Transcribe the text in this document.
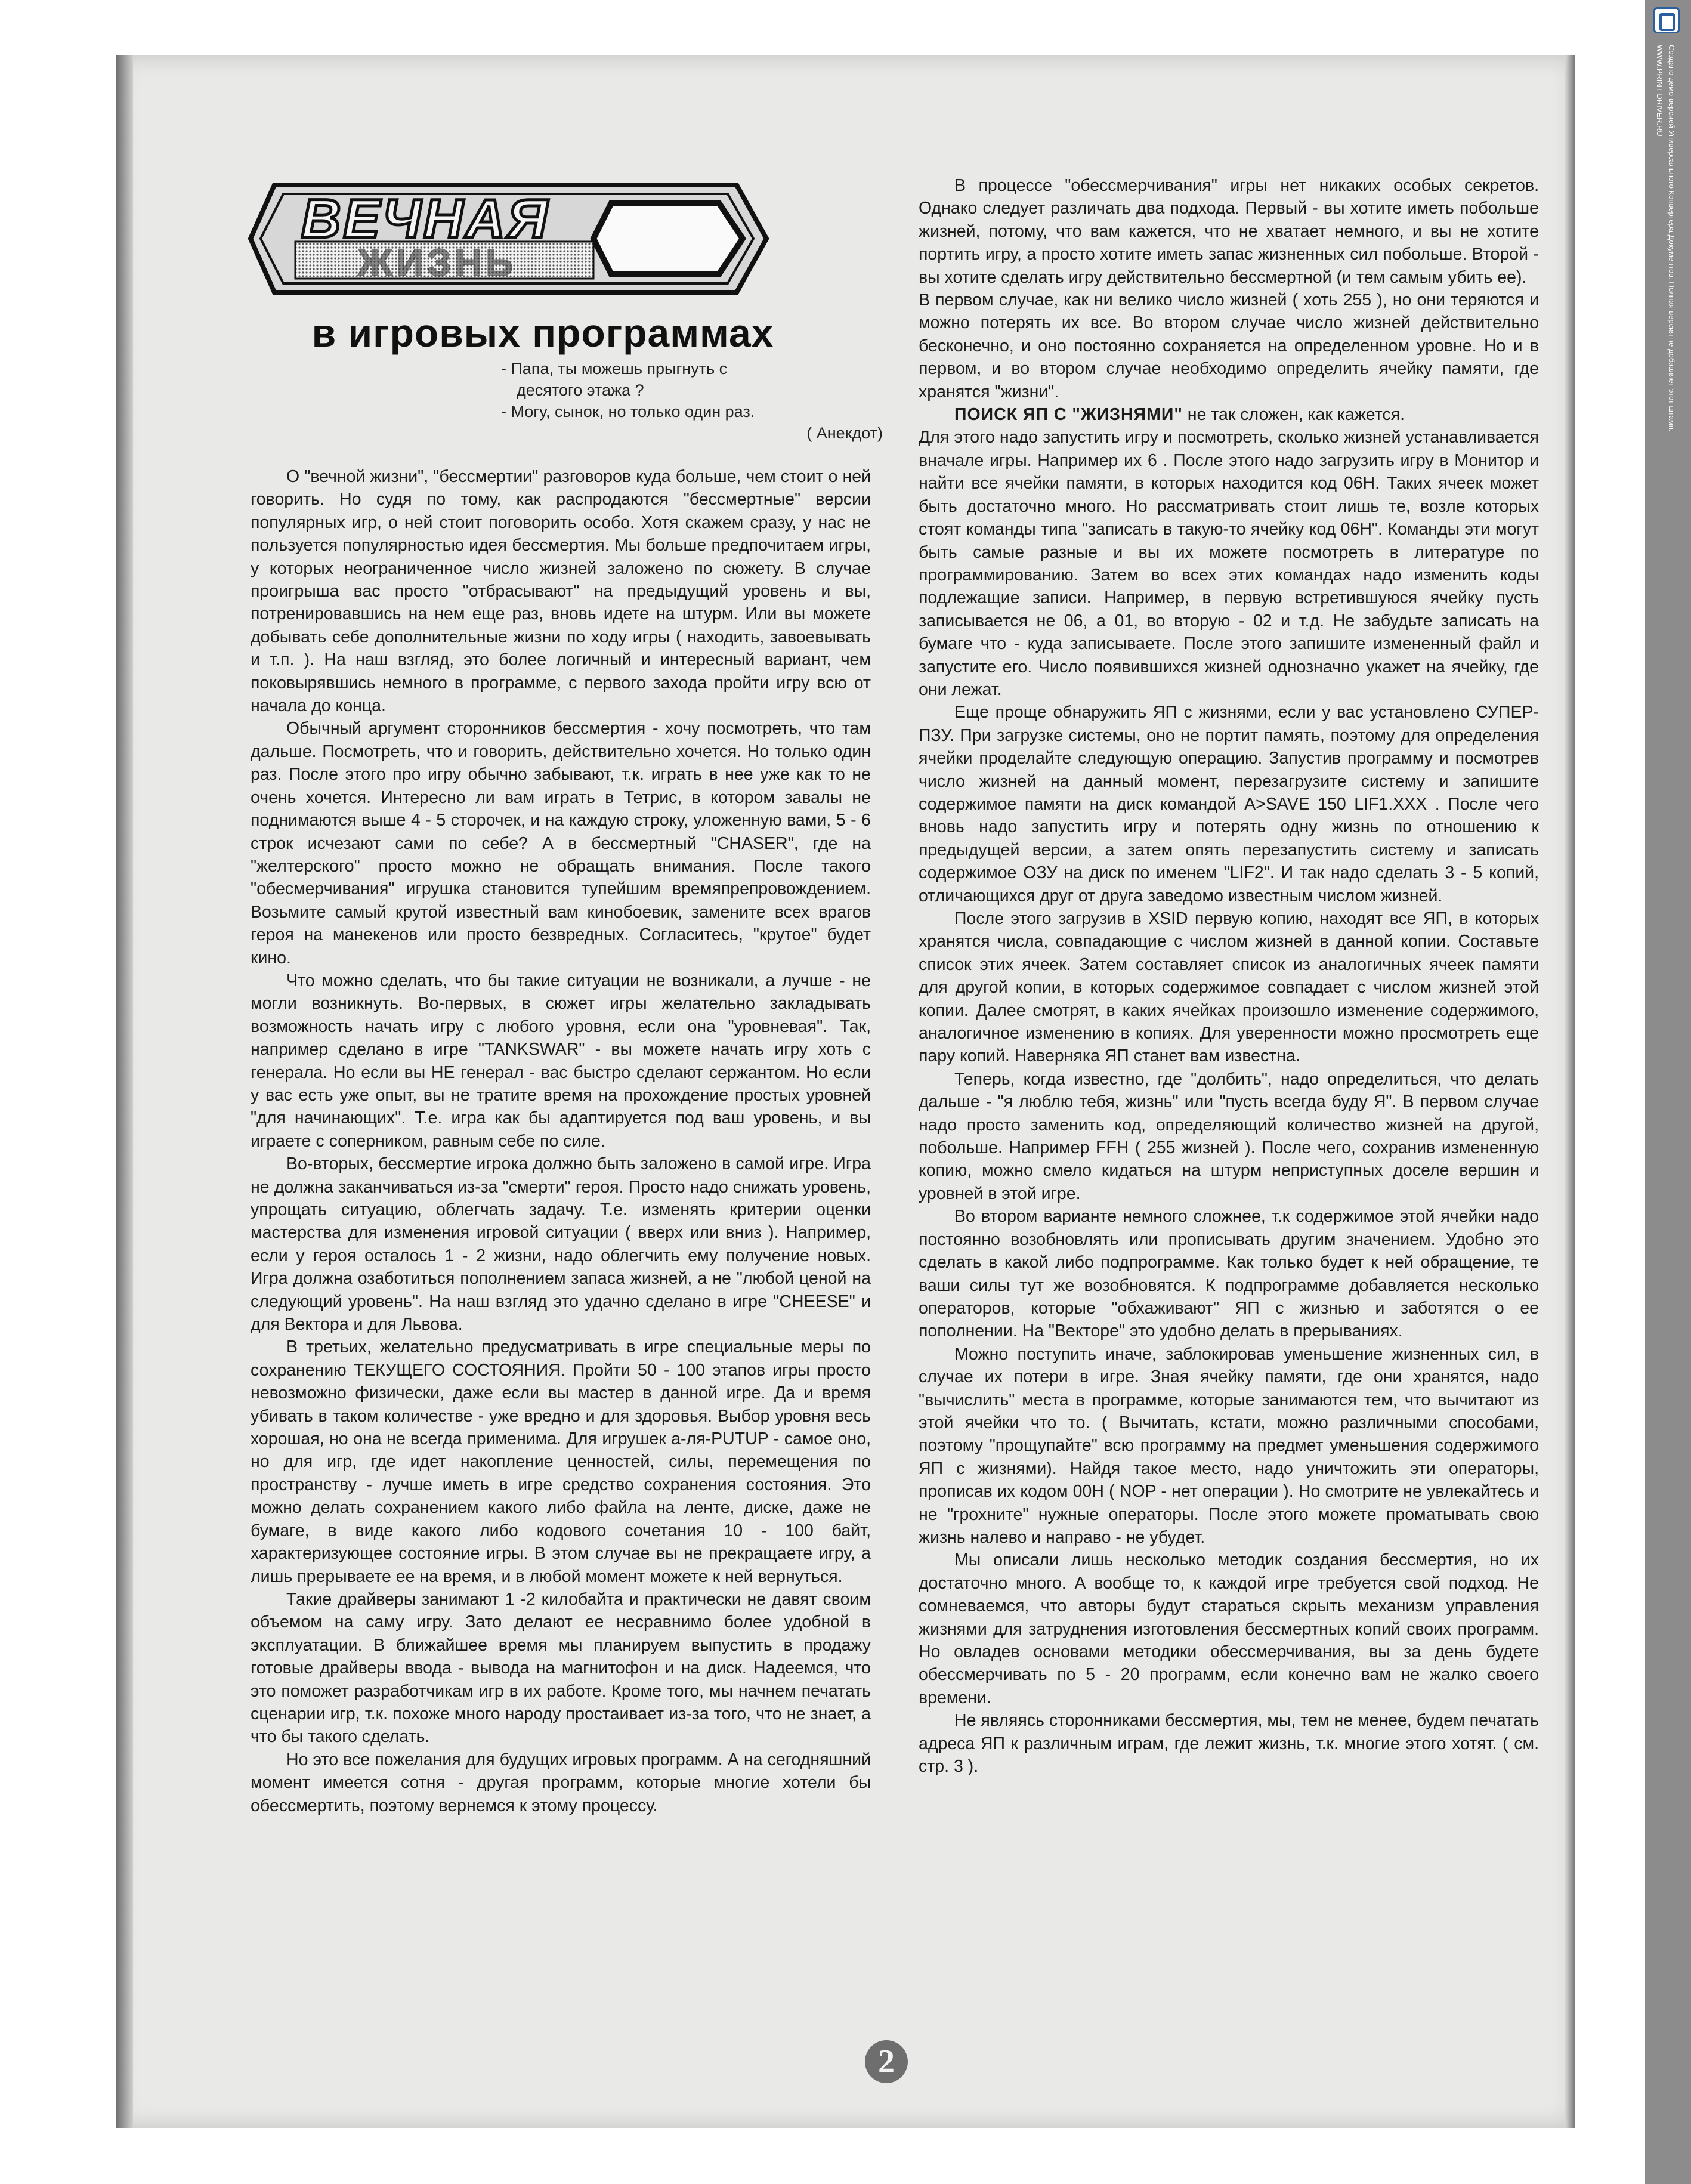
Создано демо-версией Универсального Конвертера Документов. Полная версия не добавляет этот штамп.
WWW.PRINT-DRIVER.RU
ВЕЧНАЯ
ЖИЗНЬ
в игровых программах

- Папа, ты можешь прыгнуть с

десятого этажа ?

- Могу, сынок, но только один раз.

( Анекдот)

О "вечной жизни", "бессмертии" разговоров куда больше, чем стоит о ней говорить. Но судя по тому, как распродаются "бессмертные" версии популярных игр, о ней стоит поговорить особо. Хотя скажем сразу, у нас не пользуется популярностью идея бессмертия. Мы больше предпочитаем игры, у которых неограниченное число жизней заложено по сюжету. В случае проигрыша вас просто "отбрасывают" на предыдущий уровень и вы, потренировавшись на нем еще раз, вновь идете на штурм. Или вы можете добывать себе дополнительные жизни по ходу игры ( находить, завоевывать и т.п. ). На наш взгляд, это более логичный и интересный вариант, чем поковырявшись немного в программе, с первого захода пройти игру всю от начала до конца.

Обычный аргумент сторонников бессмертия - хочу посмотреть, что там дальше. Посмотреть, что и говорить, действительно хочется. Но только один раз. После этого про игру обычно забывают, т.к. играть в нее уже как то не очень хочется. Интересно ли вам играть в Тетрис, в котором завалы не поднимаются выше 4 - 5 сторочек, и на каждую строку, уложенную вами, 5 - 6 строк исчезают сами по себе? А в бессмертный "CHASER", где на "желтерского" просто можно не обращать внимания. После такого "обесмерчивания" игрушка становится тупейшим времяпрепровождением. Возьмите самый крутой известный вам кинобоевик, замените всех врагов героя на манекенов или просто безвредных. Согласитесь, "крутое" будет кино.

Что можно сделать, что бы такие ситуации не возникали, а лучше - не могли возникнуть. Во-первых, в сюжет игры желательно закладывать возможность начать игру с любого уровня, если она "уровневая". Так, например сделано в игре "TANKSWAR" - вы можете начать игру хоть с генерала. Но если вы НЕ генерал - вас быстро сделают сержантом. Но если у вас есть уже опыт, вы не тратите время на прохождение простых уровней "для начинающих". Т.е. игра как бы адаптируется под ваш уровень, и вы играете с соперником, равным себе по силе.

Во-вторых, бессмертие игрока должно быть заложено в самой игре. Игра не должна заканчиваться из-за "смерти" героя. Просто надо снижать уровень, упрощать ситуацию, облегчать задачу. Т.е. изменять критерии оценки мастерства для изменения игровой ситуации ( вверх или вниз ). Например, если у героя осталось 1 - 2 жизни, надо облегчить ему получение новых. Игра должна озаботиться пополнением запаса жизней, а не "любой ценой на следующий уровень". На наш взгляд это удачно сделано в игре "CHEESE" и для Вектора и для Львова.

В третьих, желательно предусматривать в игре специальные меры по сохранению ТЕКУЩЕГО СОСТОЯНИЯ. Пройти 50 - 100 этапов игры просто невозможно физически, даже если вы мастер в данной игре. Да и время убивать в таком количестве - уже вредно и для здоровья. Выбор уровня весь хорошая, но она не всегда применима. Для игрушек а-ля-PUTUP - самое оно, но для игр, где идет накопление ценностей, силы, перемещения по пространству - лучше иметь в игре средство сохранения состояния. Это можно делать сохранением какого либо файла на ленте, диске, даже не бумаге, в виде какого либо кодового сочетания 10 - 100 байт, характеризующее состояние игры. В этом случае вы не прекращаете игру, а лишь прерываете ее на время, и в любой момент можете к ней вернуться.

Такие драйверы занимают 1 -2 килобайта и практически не давят своим объемом на саму игру. Зато делают ее несравнимо более удобной в эксплуатации. В ближайшее время мы планируем выпустить в продажу готовые драйверы ввода - вывода на магнитофон и на диск. Надеемся, что это поможет разработчикам игр в их работе. Кроме того, мы начнем печатать сценарии игр, т.к. похоже много народу простаивает из-за того, что не знает, а что бы такого сделать.

Но это все пожелания для будущих игровых программ. А на сегодняшний момент имеется сотня - другая программ, которые многие хотели бы обессмертить, поэтому вернемся к этому процессу.

В процессе "обессмерчивания" игры нет никаких особых секретов. Однако следует различать два подхода. Первый - вы хотите иметь побольше жизней, потому, что вам кажется, что не хватает немного, и вы не хотите портить игру, а просто хотите иметь запас жизненных сил побольше. Второй - вы хотите сделать игру действительно бессмертной (и тем самым убить ее).

В первом случае, как ни велико число жизней ( хоть 255 ), но они теряются и можно потерять их все. Во втором случае число жизней действительно бесконечно, и оно постоянно сохраняется на определенном уровне. Но и в первом, и во втором случае необходимо определить ячейку памяти, где хранятся "жизни".

ПОИСК ЯП С "ЖИЗНЯМИ" не так сложен, как кажется.

Для этого надо запустить игру и посмотреть, сколько жизней устанавливается вначале игры. Например их 6 . После этого надо загрузить игру в Монитор и найти все ячейки памяти, в которых находится код 06Н. Таких ячеек может быть достаточно много. Но рассматривать стоит лишь те, возле которых стоят команды типа "записать в такую-то ячейку код 06Н". Команды эти могут быть самые разные и вы их можете посмотреть в литературе по программированию. Затем во всех этих командах надо изменить коды подлежащие записи. Например, в первую встретившуюся ячейку пусть записывается не 06, а 01, во вторую - 02 и т.д. Не забудьте записать на бумаге что - куда записываете. После этого запишите измененный файл и запустите его. Число появившихся жизней однозначно укажет на ячейку, где они лежат.

Еще проще обнаружить ЯП с жизнями, если у вас установлено СУПЕР-ПЗУ. При загрузке системы, оно не портит память, поэтому для определения ячейки проделайте следующую операцию. Запустив программу и посмотрев число жизней на данный момент, перезагрузите систему и запишите содержимое памяти на диск командой A>SAVE 150 LIF1.XXX . После чего вновь надо запустить игру и потерять одну жизнь по отношению к предыдущей версии, а затем опять перезапустить систему и записать содержимое ОЗУ на диск по именем "LIF2". И так надо сделать 3 - 5 копий, отличающихся друг от друга заведомо известным числом жизней.

После этого загрузив в XSID первую копию, находят все ЯП, в которых хранятся числа, совпадающие с числом жизней в данной копии. Составьте список этих ячеек. Затем составляет список из аналогичных ячеек памяти для другой копии, в которых содержимое совпадает с числом жизней этой копии. Далее смотрят, в каких ячейках произошло изменение содержимого, аналогичное изменению в копиях. Для уверенности можно просмотреть еще пару копий. Наверняка ЯП станет вам известна.

Теперь, когда известно, где "долбить", надо определиться, что делать дальше - "я люблю тебя, жизнь" или "пусть всегда буду Я". В первом случае надо просто заменить код, определяющий количество жизней на другой, побольше. Например FFH ( 255 жизней ). После чего, сохранив измененную копию, можно смело кидаться на штурм неприступных доселе вершин и уровней в этой игре.

Во втором варианте немного сложнее, т.к содержимое этой ячейки надо постоянно возобновлять или прописывать другим значением. Удобно это сделать в какой либо подпрограмме. Как только будет к ней обращение, те ваши силы тут же возобновятся. К подпрограмме добавляется несколько операторов, которые "обхаживают" ЯП с жизнью и заботятся о ее пополнении. На "Векторе" это удобно делать в прерываниях.

Можно поступить иначе, заблокировав уменьшение жизненных сил, в случае их потери в игре. Зная ячейку памяти, где они хранятся, надо "вычислить" места в программе, которые занимаются тем, что вычитают из этой ячейки что то. ( Вычитать, кстати, можно различными способами, поэтому "прощупайте" всю программу на предмет уменьшения содержимого ЯП с жизнями). Найдя такое место, надо уничтожить эти операторы, прописав их кодом 00Н ( NOP - нет операции ). Но смотрите не увлекайтесь и не "грохните" нужные операторы. После этого можете проматывать свою жизнь налево и направо - не убудет.

Мы описали лишь несколько методик создания бессмертия, но их достаточно много. А вообще то, к каждой игре требуется свой подход. Не сомневаемся, что авторы будут стараться скрыть механизм управления жизнями для затруднения изготовления бессмертных копий своих программ. Но овладев основами методики обессмерчивания, вы за день будете обессмерчивать по 5 - 20 программ, если конечно вам не жалко своего времени.

Не являясь сторонниками бессмертия, мы, тем не менее, будем печатать адреса ЯП к различным играм, где лежит жизнь, т.к. многие этого хотят. ( см. стр. 3 ).

2
